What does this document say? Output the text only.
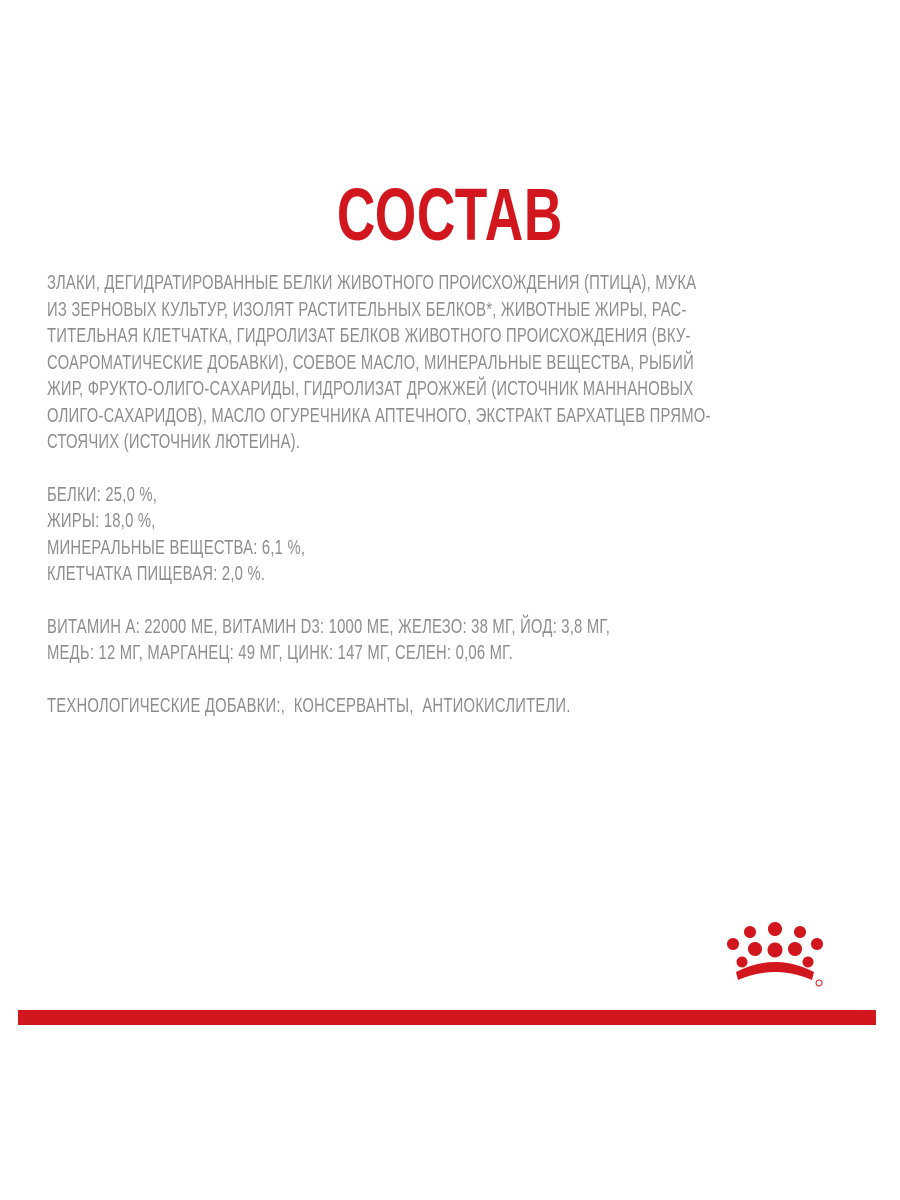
СОСТАВ
ЗЛАКИ, ДЕГИДРАТИРОВАННЫЕ БЕЛКИ ЖИВОТНОГО ПРОИСХОЖДЕНИЯ (ПТИЦА), МУКА
ИЗ ЗЕРНОВЫХ КУЛЬТУР, ИЗОЛЯТ РАСТИТЕЛЬНЫХ БЕЛКОВ*, ЖИВОТНЫЕ ЖИРЫ, РАС-
ТИТЕЛЬНАЯ КЛЕТЧАТКА, ГИДРОЛИЗАТ БЕЛКОВ ЖИВОТНОГО ПРОИСХОЖДЕНИЯ (ВКУ-
СОАРОМАТИЧЕСКИЕ ДОБАВКИ), СОЕВОЕ МАСЛО, МИНЕРАЛЬНЫЕ ВЕЩЕСТВА, РЫБИЙ
ЖИР, ФРУКТО-ОЛИГО-САХАРИДЫ, ГИДРОЛИЗАТ ДРОЖЖЕЙ (ИСТОЧНИК МАННАНОВЫХ
ОЛИГО-САХАРИДОВ), МАСЛО ОГУРЕЧНИКА АПТЕЧНОГО, ЭКСТРАКТ БАРХАТЦЕВ ПРЯМО-
СТОЯЧИХ (ИСТОЧНИК ЛЮТЕИНА).
БЕЛКИ: 25,0 %,
ЖИРЫ: 18,0 %,
МИНЕРАЛЬНЫЕ ВЕЩЕСТВА: 6,1 %,
КЛЕТЧАТКА ПИЩЕВАЯ: 2,0 %.
ВИТАМИН А: 22000 МЕ, ВИТАМИН D3: 1000 МЕ, ЖЕЛЕЗО: 38 МГ, ЙОД: 3,8 МГ,
МЕДЬ: 12 МГ, МАРГАНЕЦ: 49 МГ, ЦИНК: 147 МГ, СЕЛЕН: 0,06 МГ.
ТЕХНОЛОГИЧЕСКИЕ ДОБАВКИ:,  КОНСЕРВАНТЫ,  АНТИОКИСЛИТЕЛИ.
